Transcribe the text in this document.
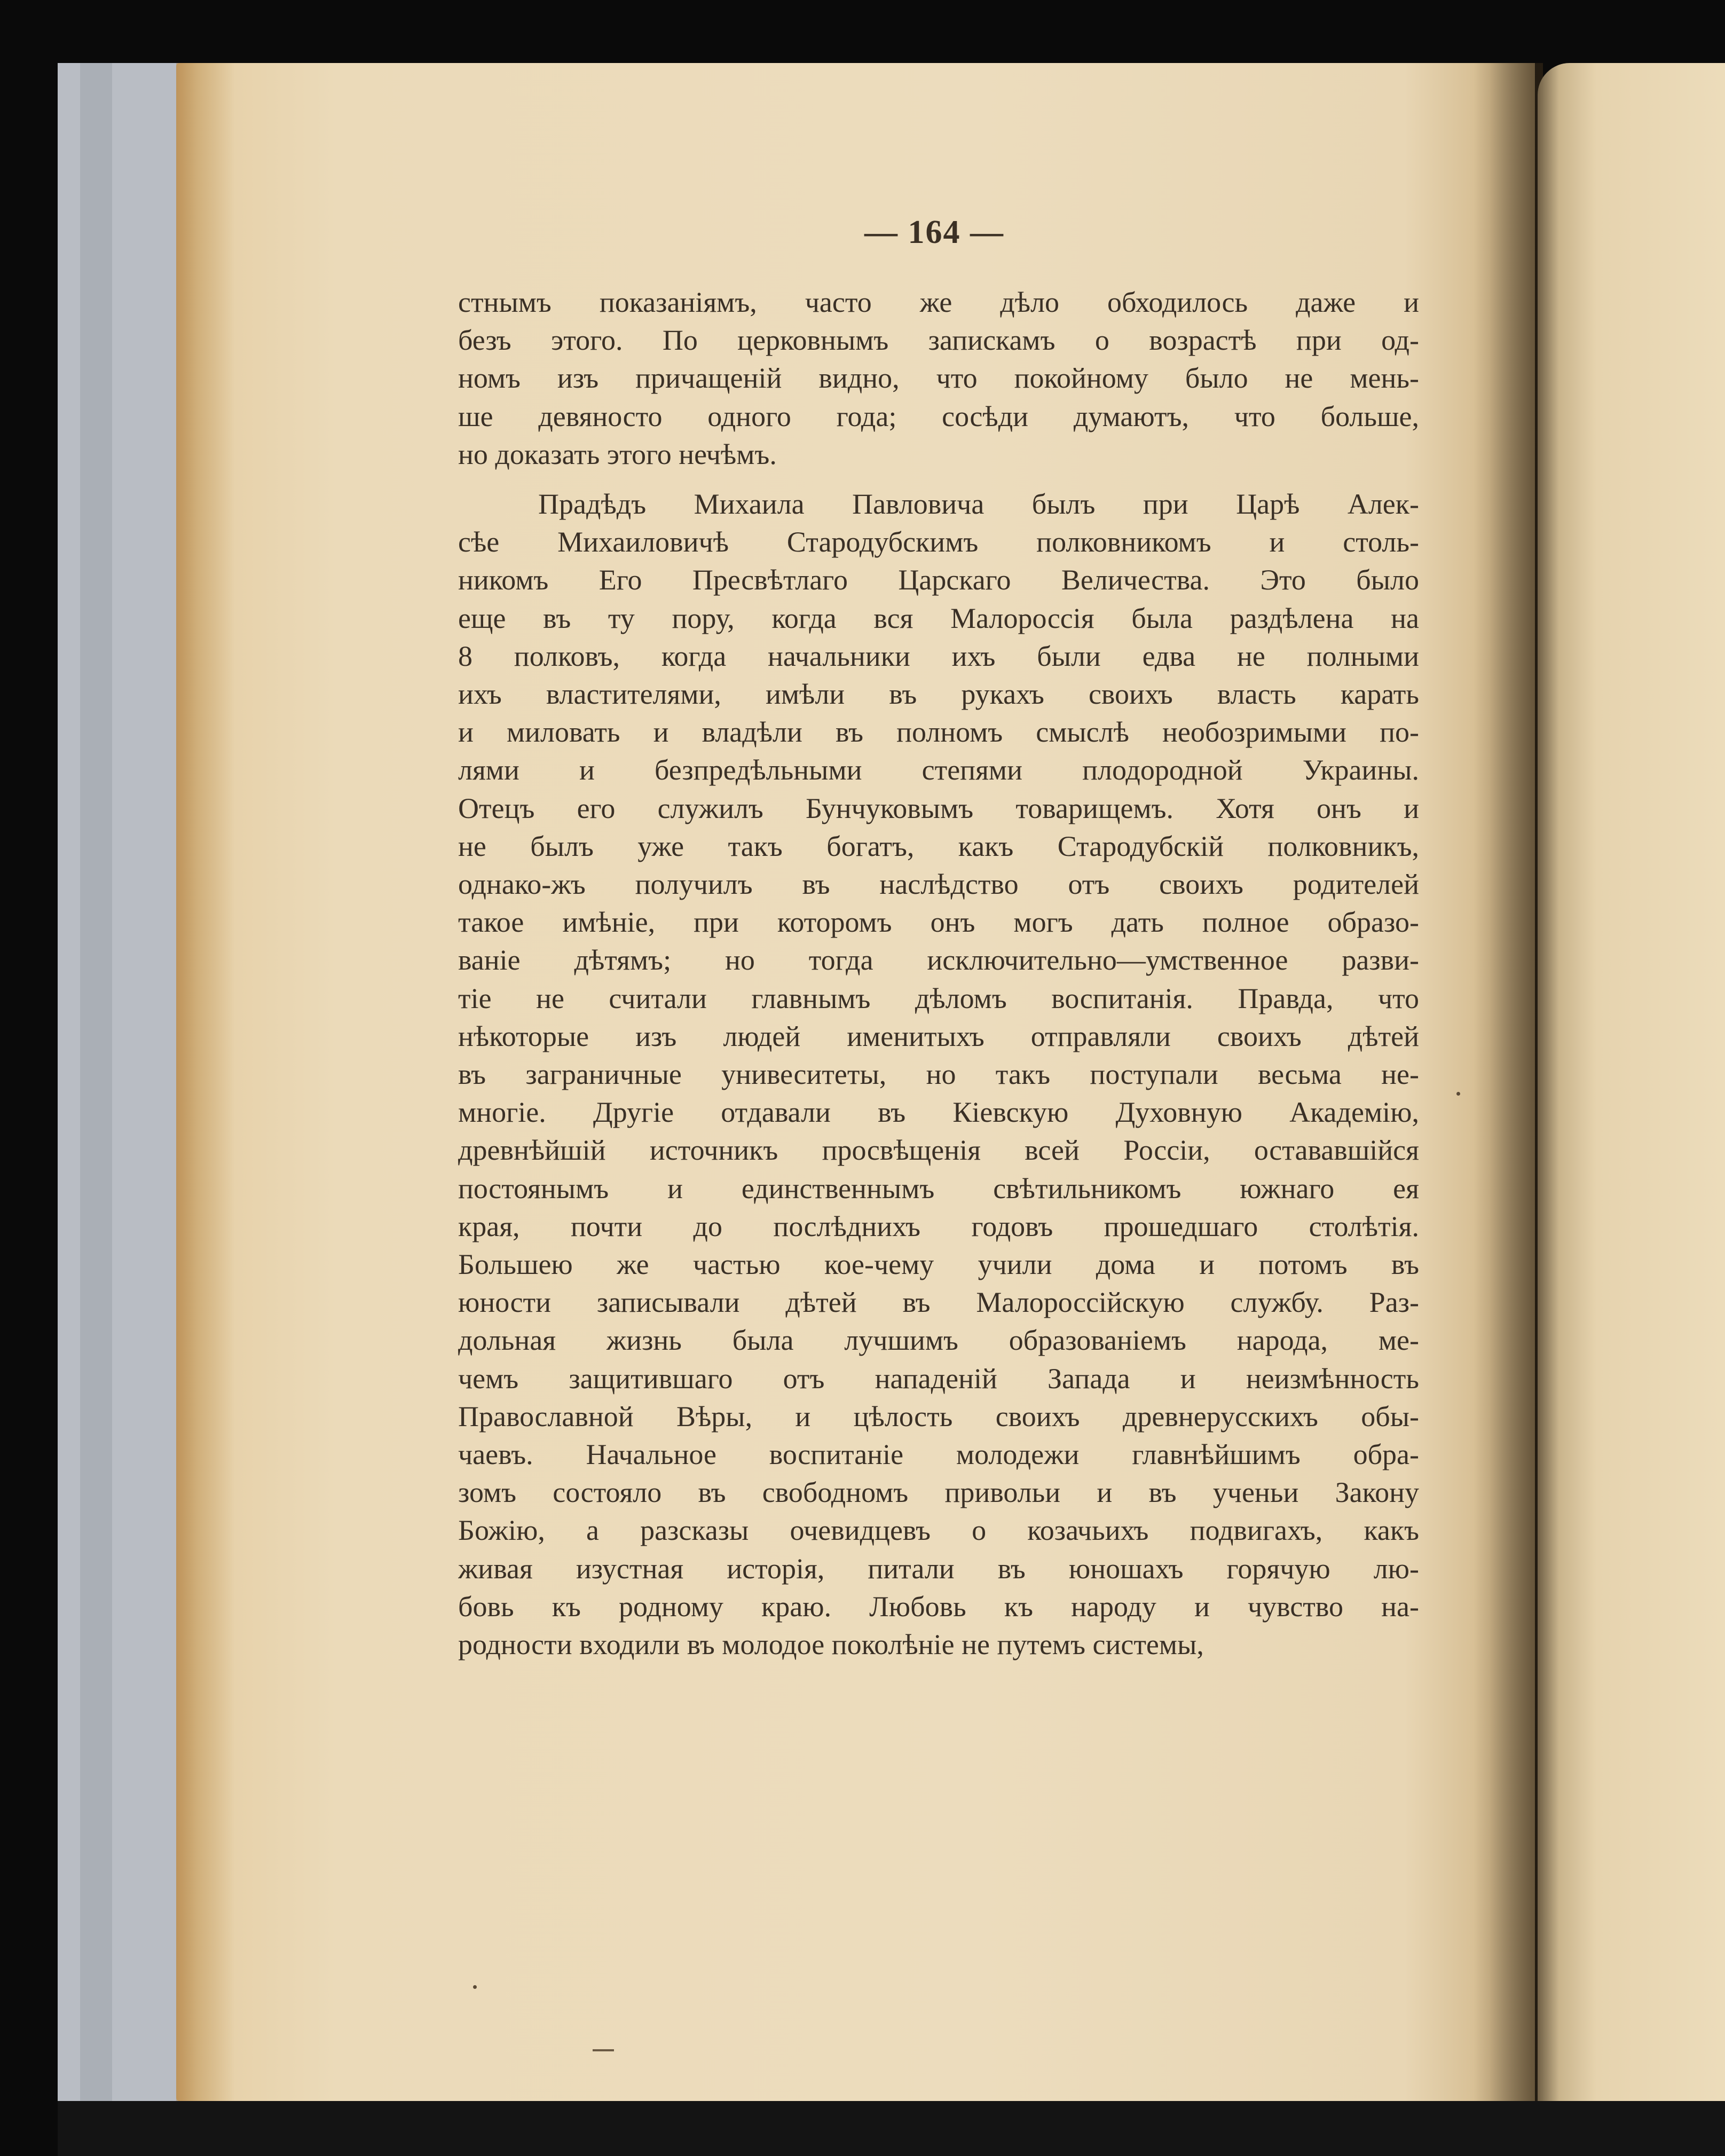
— 164 —
стнымъ показаніямъ, часто же дѣло обходилось даже и
безъ этого. По церковнымъ запискамъ о возрастѣ при од-
номъ изъ причащеній видно, что покойному было не мень-
ше девяносто одного года; сосѣди думаютъ, что больше,
но доказать этого нечѣмъ.
Прадѣдъ Михаила Павловича былъ при Царѣ Алек-
сѣе Михаиловичѣ Стародубскимъ полковникомъ и столь-
никомъ Его Пресвѣтлаго Царскаго Величества. Это было
еще въ ту пору, когда вся Малороссія была раздѣлена на
8 полковъ, когда начальники ихъ были едва не полными
ихъ властителями, имѣли въ рукахъ своихъ власть карать
и миловать и владѣли въ полномъ смыслѣ необозримыми по-
лями и безпредѣльными степями плодородной Украины.
Отецъ его служилъ Бунчуковымъ товарищемъ. Хотя онъ и
не былъ уже такъ богатъ, какъ Стародубскій полковникъ,
однако-жъ получилъ въ наслѣдство отъ своихъ родителей
такое имѣніе, при которомъ онъ могъ дать полное образо-
ваніе дѣтямъ; но тогда исключительно—умственное разви-
тіе не считали главнымъ дѣломъ воспитанія. Правда, что
нѣкоторые изъ людей именитыхъ отправляли своихъ дѣтей
въ заграничные унивеситеты, но такъ поступали весьма не-
многіе. Другіе отдавали въ Кіевскую Духовную Академію,
древнѣйшій источникъ просвѣщенія всей Россіи, остававшійся
постоянымъ и единственнымъ свѣтильникомъ южнаго ея
края, почти до послѣднихъ годовъ прошедшаго столѣтія.
Большею же частью кое-чему учили дома и потомъ въ
юности записывали дѣтей въ Малороссійскую службу. Раз-
дольная жизнь была лучшимъ образованіемъ народа, ме-
чемъ защитившаго отъ нападеній Запада и неизмѣнность
Православной Вѣры, и цѣлость своихъ древнерусскихъ обы-
чаевъ. Начальное воспитаніе молодежи главнѣйшимъ обра-
зомъ состояло въ свободномъ привольи и въ ученьи Закону
Божію, а разсказы очевидцевъ о козачьихъ подвигахъ, какъ
живая изустная исторія, питали въ юношахъ горячую лю-
бовь къ родному краю. Любовь къ народу и чувство на-
родности входили въ молодое поколѣніе не путемъ системы,
